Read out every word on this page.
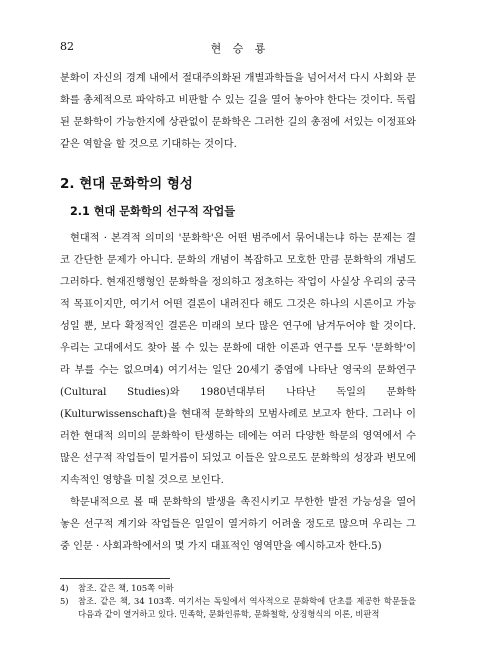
82	현 승 룡

분화이 자신의 경계 내에서 절대주의화된 개별과학들을 넘어서서 다시 사회와 문화를 총체적으로 파악하고 비판할 수 있는 길을 열어 놓아야 한다는 것이다. 독립된 문화학이 가능한지에 상관없이 문화학은 그러한 길의 총점에 서있는 이정표와 같은 역할을 할 것으로 기대하는 것이다.

2. 현대 문화학의 형성
2.1 현대 문화학의 선구적 작업들

현대적 · 본격적 의미의 '문화학'은 어떤 범주에서 묶어내는냐 하는 문제는 결코 간단한 문제가 아니다. 문화의 개념이 복잡하고 모호한 만큼 문화학의 개념도 그러하다. 현재진행형인 문화학을 정의하고 정초하는 작업이 사실상 우리의 궁극적 목표이지만, 여기서 어떤 결론이 내려진다 해도 그것은 하나의 시론이고 가능성일 뿐, 보다 확정적인 결론은 미래의 보다 많은 연구에 남겨두어야 할 것이다. 우리는 고대에서도 찾아 볼 수 있는 문화에 대한 이론과 연구를 모두 '문화학'이라 부를 수는 없으며4) 여기서는 일단 20세기 중엽에 나타난 영국의 문화연구(Cultural Studies)와 1980년대부터 나타난 독일의 문화학(Kulturwissenschaft)을 현대적 문화학의 모범사례로 보고자 한다. 그러나 이러한 현대적 의미의 문화학이 탄생하는 데에는 여러 다양한 학문의 영역에서 수많은 선구적 작업들이 밑거름이 되었고 이들은 앞으로도 문화학의 성장과 변모에 지속적인 영향을 미칠 것으로 보인다.

학문내적으로 볼 때 문화학의 발생을 촉진시키고 무한한 발전 가능성을 열어 놓은 선구적 계기와 작업들은 일일이 열거하기 어려울 정도로 많으며 우리는 그중 인문 · 사회과학에서의 몇 가지 대표적인 영역만을 예시하고자 한다.5)

4)	참조. 같은 책, 105쪽 이하
5)	참조. 같은 책, 34 103쪽. 여기서는 독일에서 역사적으로 문화학에 단초를 제공한 학문들을 다음과 같이 열거하고 있다. 민족학, 문화인류학, 문화철학, 상징형식의 이론, 비판적
